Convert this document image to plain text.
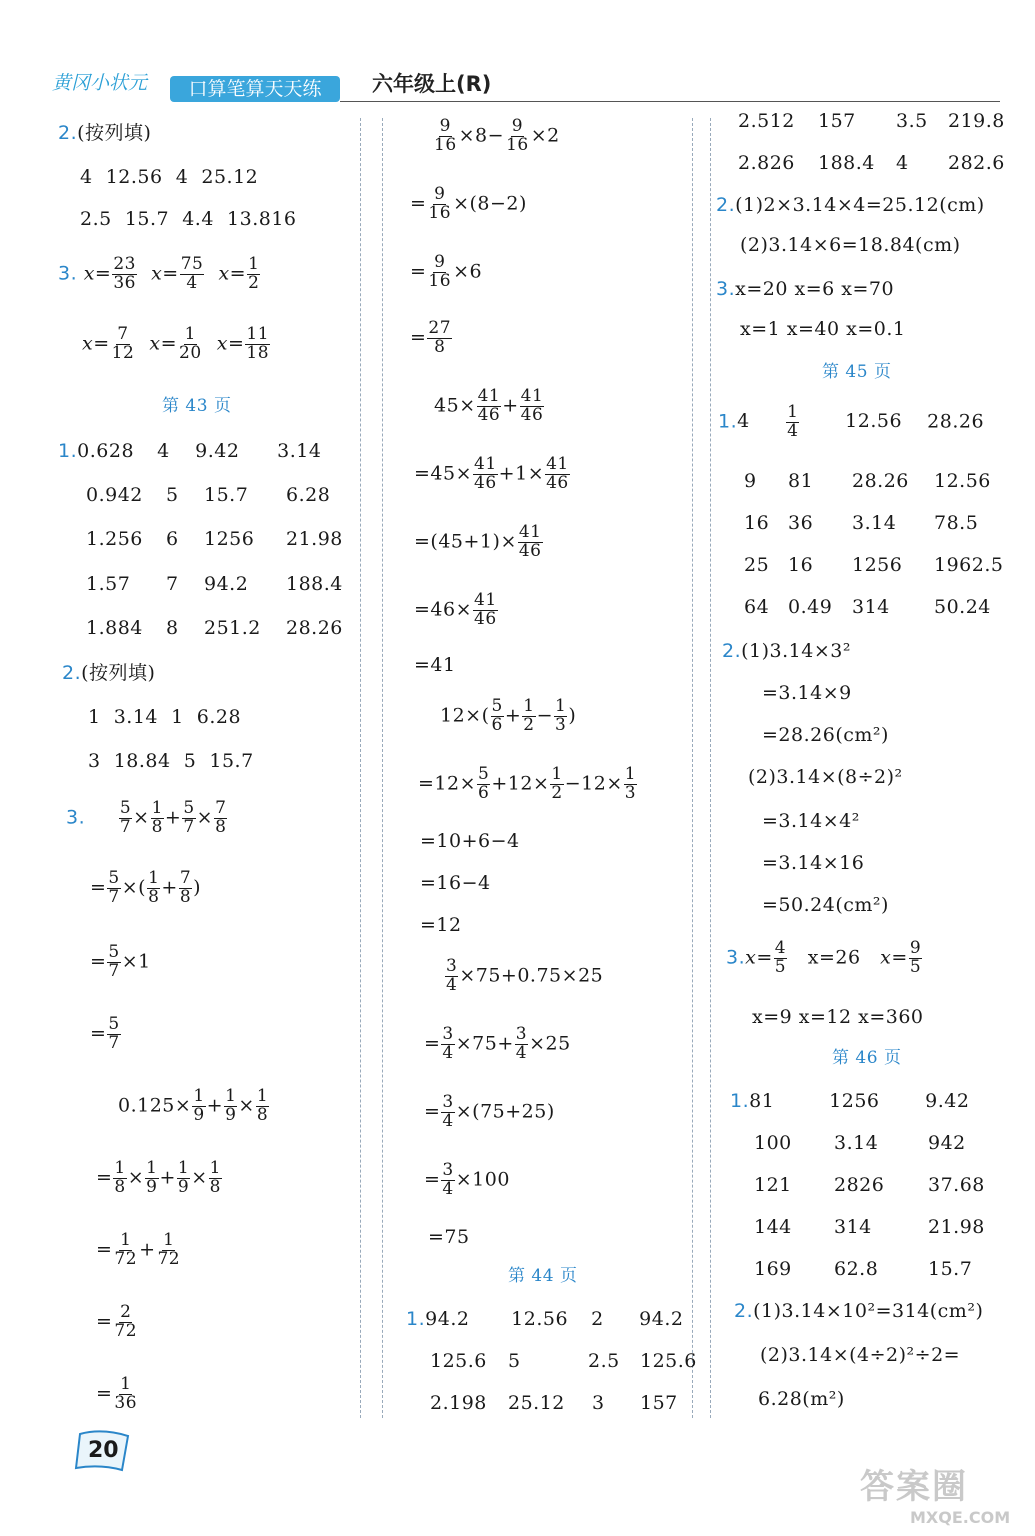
黄冈小状元	口算笔算天天练	六年级上(R)
2.(按列填)
4 12.56 4 25.12
2.5 15.7 4.4 13.816
3. $x= \frac{23}{36} x= \frac{75}{4} x= \frac{1}{2}$
$x= \frac{7}{12} x= \frac{1}{20} x= \frac{11}{18}$
第 43 页
1.0.628 4 9.42 3.14
0.942 5 15.7 6.28
1.256 6 1256 21.98
1.57 7 94.2 188.4
1.884 8 251.2 28.26
2.(按列填)
1 3.14 1 6.28
3 18.84 5 15.7
3. $\frac{5}{7} \times \frac{1}{8} + \frac{5}{7} \times \frac{7}{8}$
= $\frac{5}{7}$ ×( $\frac{1}{8} + \frac{7}{8}$ )
= $\frac{5}{7} \times 1$
= $\frac{5}{7}$
$0.125\times \frac{1}{9} + \frac{1}{9} \times \frac{1}{8}$
= $\frac{1}{8} \times \frac{1}{9} + \frac{1}{9} \times \frac{1}{8}$
= $\frac{1}{72} + \frac{1}{72}$
= $\frac{2}{72}$
= $\frac{1}{36}$
$\frac{9}{16} \times 8- \frac{9}{16} \times 2$
= $\frac{9}{16} \times(8-2)$
= $\frac{9}{16} \times 6$
= $\frac{27}{8}$
$45\times \frac{41}{46} + \frac{41}{46}$
$=45\times \frac{41}{46} +1\times \frac{41}{46}$
$=(45+1)\times \frac{41}{46}$
$=46\times \frac{41}{46}$
=41
$12\times( \frac{5}{6} + \frac{1}{2} - \frac{1}{3}$ )
$=12\times \frac{5}{6} +12\times \frac{1}{2} -12\times \frac{1}{3}$
=10+6−4
=16−4
=12
$\frac{3}{4} \times 75+0.75\times 25$
= $\frac{3}{4} \times 75+ \frac{3}{4} \times 25$
= $\frac{3}{4} \times(75+25)$
= $\frac{3}{4} \times 100$
=75
第 44 页
1.94.2 12.56 2 94.2
125.6 5	2.5 125.6
2.198 25.12 3 157
2.512 157 3.5 219.8
2.826 188.4 4 282.6
2.(1)2×3.14×4=25.12(cm)
(2)3.14×6=18.84(cm)
3.x=20 x=6 x=70
x=1 x=40 x=0.1
第 45 页
$1.4 \frac{1}{4} 12.56$ 28.26
9 81 28.26 12.56
16 36 3.14 78.5
25 16 1256 1962.5
64 0.49 314 50.24
2.(1)3.14×3²
=3.14×9
=28.26(cm²)
(2)3.14×(8÷2)²
=3.14×4²
=3.14×16
=50.24(cm²)
$3.x= \frac{4}{5} x=26$ $x= \frac{9}{5}$
x=9 x=12 x=360
第 46 页
1.81	1256 9.42
100 3.14	942
121 2826 37.68
144 314	21.98
169 62.8	15.7
2.(1)3.14×10²=314(cm²)
(2)3.14×(4÷2)²÷2=
6.28(m²)
20
答案圈
MXQE.COM
